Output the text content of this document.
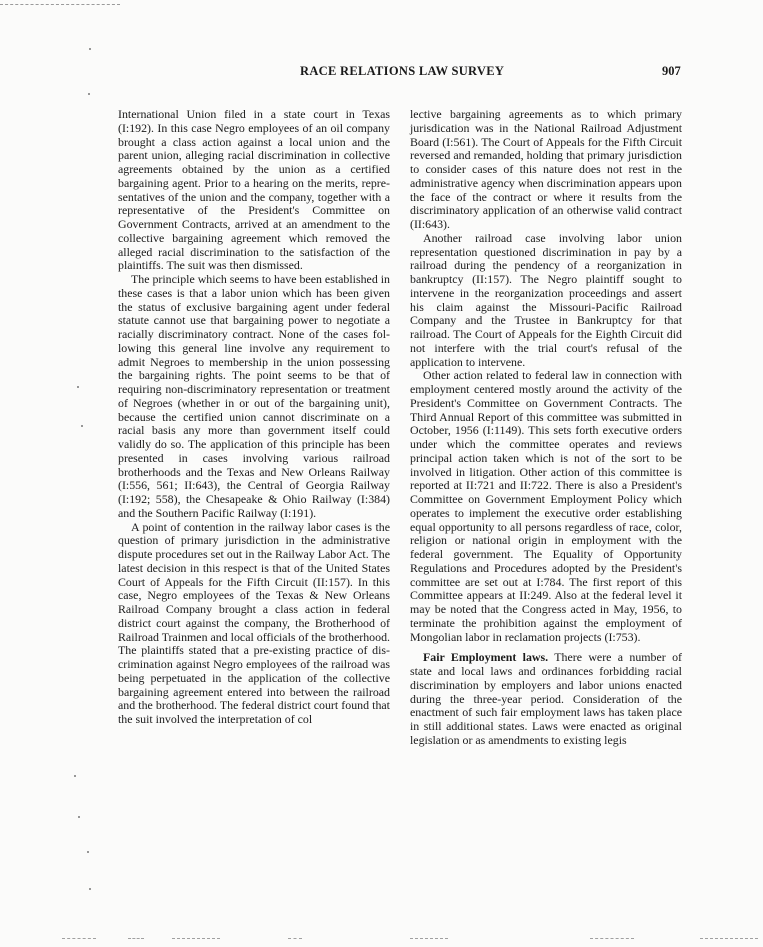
RACE RELATIONS LAW SURVEY	907

International Union filed in a state court in Texas (I:192). In this case Negro employees of an oil company brought a class action against a local union and the parent union, alleging racial discrimination in collective agreements obtained by the union as a certified bargaining agent. Prior to a hearing on the merits, representatives of the union and the company, together with a representative of the President's Committee on Government Contracts, arrived at an amendment to the collective bargaining agreement which removed the alleged racial discrimination to the satisfaction of the plaintiffs. The suit was then dismissed.

The principle which seems to have been established in these cases is that a labor union which has been given the status of exclusive bargaining agent under federal statute cannot use that bargaining power to negotiate a racially discriminatory contract. None of the cases following this general line involve any requirement to admit Negroes to membership in the union possessing the bargaining rights. The point seems to be that of requiring non-discriminatory representation or treatment of Negroes (whether in or out of the bargaining unit), because the certified union cannot discriminate on a racial basis any more than government itself could validly do so. The application of this principle has been presented in cases involving various railroad brotherhoods and the Texas and New Orleans Railway (I:556, 561; II:643), the Central of Georgia Railway (I:192; 558), the Chesapeake & Ohio Railway (I:384) and the Southern Pacific Railway (I:191).

A point of contention in the railway labor cases is the question of primary jurisdiction in the administrative dispute procedures set out in the Railway Labor Act. The latest decision in this respect is that of the United States Court of Appeals for the Fifth Circuit (II:157). In this case, Negro employees of the Texas & New Orleans Railroad Company brought a class action in federal district court against the company, the Brotherhood of Railroad Trainmen and local officials of the brotherhood. The plaintiffs stated that a pre-existing practice of discrimination against Negro employees of the railroad was being perpetuated in the application of the collective bargaining agreement entered into between the railroad and the brotherhood. The federal district court found that the suit involved the interpretation of col

lective bargaining agreements as to which primary jurisdication was in the National Railroad Adjustment Board (I:561). The Court of Appeals for the Fifth Circuit reversed and remanded, holding that primary jurisdiction to consider cases of this nature does not rest in the administrative agency when discrimination appears upon the face of the contract or where it results from the discriminatory application of an otherwise valid contract (II:643).

Another railroad case involving labor union representation questioned discrimination in pay by a railroad during the pendency of a reorganization in bankruptcy (II:157). The Negro plaintiff sought to intervene in the reorganization proceedings and assert his claim against the Missouri-Pacific Railroad Company and the Trustee in Bankruptcy for that railroad. The Court of Appeals for the Eighth Circuit did not interfere with the trial court's refusal of the application to intervene.

Other action related to federal law in connection with employment centered mostly around the activity of the President's Committee on Government Contracts. The Third Annual Report of this committee was submitted in October, 1956 (I:1149). This sets forth executive orders under which the committee operates and reviews principal action taken which is not of the sort to be involved in litigation. Other action of this committee is reported at II:721 and II:722. There is also a President's Committee on Government Employment Policy which operates to implement the executive order establishing equal opportunity to all persons regardless of race, color, religion or national origin in employment with the federal government. The Equality of Opportunity Regulations and Procedures adopted by the President's committee are set out at I:784. The first report of this Committee appears at II:249. Also at the federal level it may be noted that the Congress acted in May, 1956, to terminate the prohibition against the employment of Mongolian labor in reclamation projects (I:753).

Fair Employment laws. There were a number of state and local laws and ordinances forbidding racial discrimination by employers and labor unions enacted during the three-year period. Consideration of the enactment of such fair employment laws has taken place in still additional states. Laws were enacted as original legislation or as amendments to existing legis
